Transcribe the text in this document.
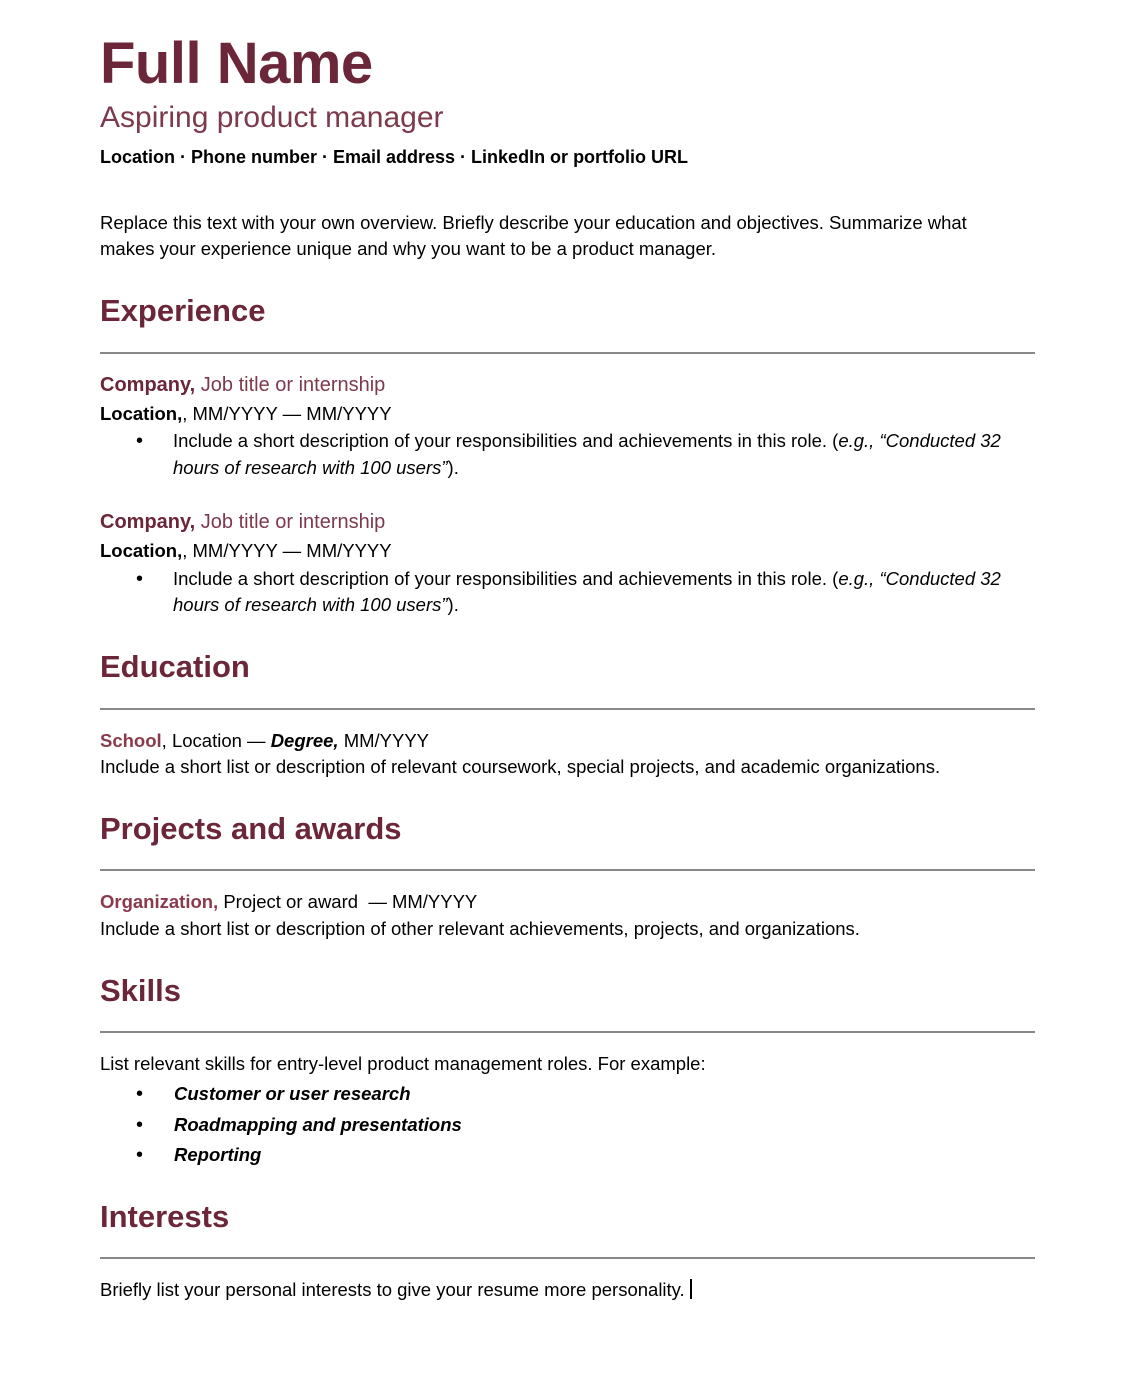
Full Name
Aspiring product manager
Location · Phone number · Email address · LinkedIn or portfolio URL

Replace this text with your own overview. Briefly describe your education and objectives. Summarize what makes your experience unique and why you want to be a product manager.

Experience
Company, Job title or internship
Location,, MM/YYYY — MM/YYYY
• Include a short description of your responsibilities and achievements in this role. (e.g., “Conducted 32 hours of research with 100 users”).
Company, Job title or internship
Location,, MM/YYYY — MM/YYYY
• Include a short description of your responsibilities and achievements in this role. (e.g., “Conducted 32 hours of research with 100 users”).
Education
School, Location — Degree, MM/YYYY
Include a short list or description of relevant coursework, special projects, and academic organizations.
Projects and awards
Organization, Project or award  — MM/YYYY
Include a short list or description of other relevant achievements, projects, and organizations.
Skills
List relevant skills for entry-level product management roles. For example:
• Customer or user research
• Roadmapping and presentations
• Reporting
Interests
Briefly list your personal interests to give your resume more personality.
